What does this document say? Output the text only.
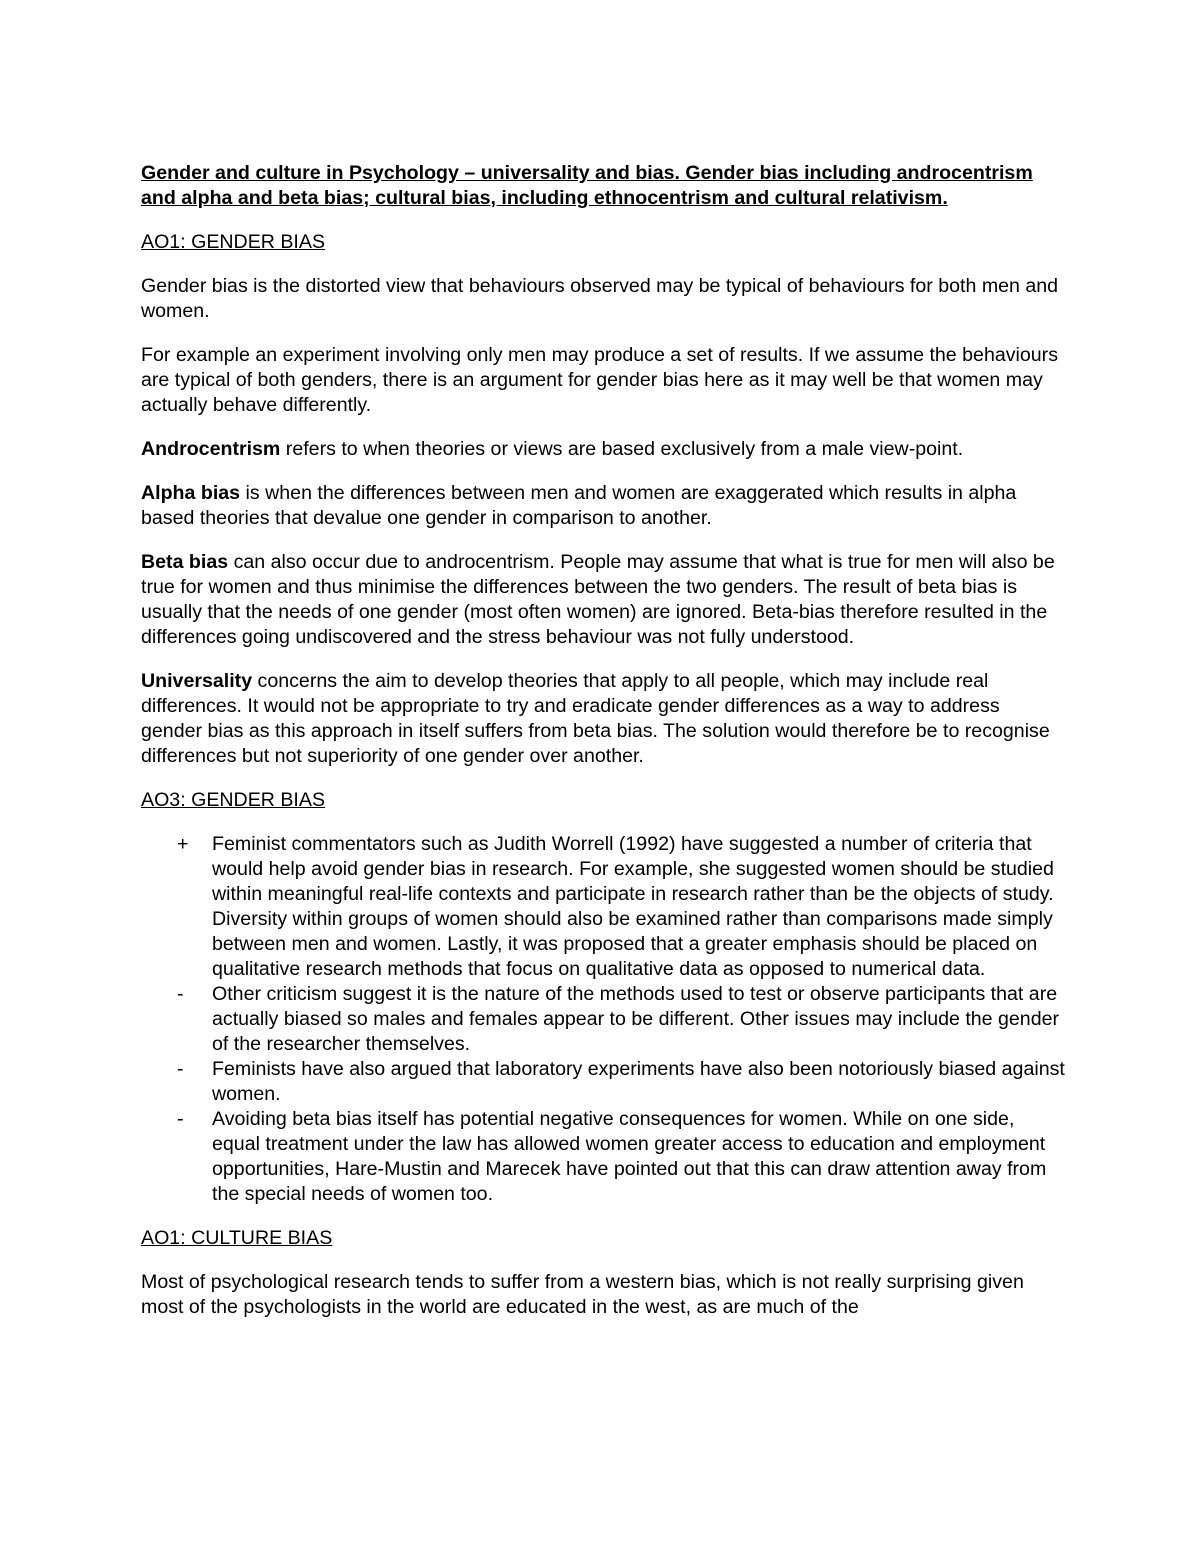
Gender and culture in Psychology – universality and bias. Gender bias including androcentrism and alpha and beta bias; cultural bias, including ethnocentrism and cultural relativism.

AO1: GENDER BIAS

Gender bias is the distorted view that behaviours observed may be typical of behaviours for both men and women.

For example an experiment involving only men may produce a set of results. If we assume the behaviours are typical of both genders, there is an argument for gender bias here as it may well be that women may actually behave differently.

Androcentrism refers to when theories or views are based exclusively from a male view-point.

Alpha bias is when the differences between men and women are exaggerated which results in alpha based theories that devalue one gender in comparison to another.

Beta bias can also occur due to androcentrism. People may assume that what is true for men will also be true for women and thus minimise the differences between the two genders. The result of beta bias is usually that the needs of one gender (most often women) are ignored. Beta-bias therefore resulted in the differences going undiscovered and the stress behaviour was not fully understood.

Universality concerns the aim to develop theories that apply to all people, which may include real differences. It would not be appropriate to try and eradicate gender differences as a way to address gender bias as this approach in itself suffers from beta bias. The solution would therefore be to recognise differences but not superiority of one gender over another.

AO3: GENDER BIAS

+	Feminist commentators such as Judith Worrell (1992) have suggested a number of criteria that would help avoid gender bias in research. For example, she suggested women should be studied within meaningful real-life contexts and participate in research rather than be the objects of study. Diversity within groups of women should also be examined rather than comparisons made simply between men and women. Lastly, it was proposed that a greater emphasis should be placed on qualitative research methods that focus on qualitative data as opposed to numerical data.
-	Other criticism suggest it is the nature of the methods used to test or observe participants that are actually biased so males and females appear to be different. Other issues may include the gender of the researcher themselves.
-	Feminists have also argued that laboratory experiments have also been notoriously biased against women.
-	Avoiding beta bias itself has potential negative consequences for women. While on one side, equal treatment under the law has allowed women greater access to education and employment opportunities, Hare-Mustin and Marecek have pointed out that this can draw attention away from the special needs of women too.

AO1: CULTURE BIAS

Most of psychological research tends to suffer from a western bias, which is not really surprising given most of the psychologists in the world are educated in the west, as are much of the
